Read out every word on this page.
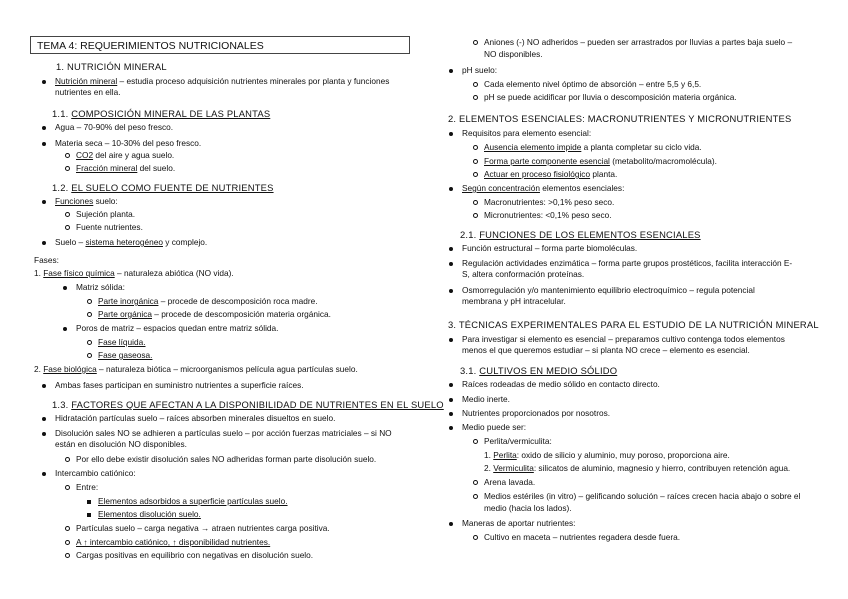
TEMA 4: REQUERIMIENTOS NUTRICIONALES
1. NUTRICIÓN MINERAL
Nutrición mineral – estudia proceso adquisición nutrientes minerales por planta y funciones
nutrientes en ella.
1.1. COMPOSICIÓN MINERAL DE LAS PLANTAS
Agua – 70-90% del peso fresco.
Materia seca – 10-30% del peso fresco.
CO2 del aire y agua suelo.
Fracción mineral del suelo.
1.2. EL SUELO COMO FUENTE DE NUTRIENTES
Funciones suelo:
Sujeción planta.
Fuente nutrientes.
Suelo – sistema heterogéneo y complejo.
Fases:
1. Fase físico química – naturaleza abiótica (NO vida).
Matriz sólida:
Parte inorgánica – procede de descomposición roca madre.
Parte orgánica – procede de descomposición materia orgánica.
Poros de matriz – espacios quedan entre matriz sólida.
Fase líquida.
Fase gaseosa.
2. Fase biológica – naturaleza biótica – microorganismos película agua partículas suelo.
Ambas fases participan en suministro nutrientes a superficie raíces.
1.3. FACTORES QUE AFECTAN A LA DISPONIBILIDAD DE NUTRIENTES EN EL SUELO
Hidratación partículas suelo – raíces absorben minerales disueltos en suelo.
Disolución sales NO se adhieren a partículas suelo – por acción fuerzas matriciales – si NO
están en disolución NO disponibles.
Por ello debe existir disolución sales NO adheridas forman parte disolución suelo.
Intercambio catiónico:
Entre:
Elementos adsorbidos a superficie partículas suelo.
Elementos disolución suelo.
Partículas suelo – carga negativa → atraen nutrientes carga positiva.
A ↑ intercambio catiónico, ↑ disponibilidad nutrientes.
Cargas positivas en equilibrio con negativas en disolución suelo.
Aniones (-) NO adheridos – pueden ser arrastrados por lluvias a partes baja suelo –
NO disponibles.
pH suelo:
Cada elemento nivel óptimo de absorción – entre 5,5 y 6,5.
pH se puede acidificar por lluvia o descomposición materia orgánica.
2. ELEMENTOS ESENCIALES: MACRONUTRIENTES Y MICRONUTRIENTES
Requisitos para elemento esencial:
Ausencia elemento impide a planta completar su ciclo vida.
Forma parte componente esencial (metabolito/macromolécula).
Actuar en proceso fisiológico planta.
Según concentración elementos esenciales:
Macronutrientes: >0,1% peso seco.
Micronutrientes: <0,1% peso seco.
2.1. FUNCIONES DE LOS ELEMENTOS ESENCIALES
Función estructural – forma parte biomoléculas.
Regulación actividades enzimática – forma parte grupos prostéticos, facilita interacción E-
S, altera conformación proteínas.
Osmorregulación y/o mantenimiento equilibrio electroquímico – regula potencial
membrana y pH intracelular.
3. TÉCNICAS EXPERIMENTALES PARA EL ESTUDIO DE LA NUTRICIÓN MINERAL
Para investigar si elemento es esencial – preparamos cultivo contenga todos elementos
menos el que queremos estudiar – si planta NO crece – elemento es esencial.
3.1. CULTIVOS EN MEDIO SÓLIDO
Raíces rodeadas de medio sólido en contacto directo.
Medio inerte.
Nutrientes proporcionados por nosotros.
Medio puede ser:
Perlita/vermiculita:
1. Perlita: oxido de silicio y aluminio, muy poroso, proporciona aire.
2. Vermiculita: silicatos de aluminio, magnesio y hierro, contribuyen retención agua.
Arena lavada.
Medios estériles (in vitro) – gelificando solución – raíces crecen hacia abajo o sobre el
medio (hacia los lados).
Maneras de aportar nutrientes:
Cultivo en maceta – nutrientes regadera desde fuera.
